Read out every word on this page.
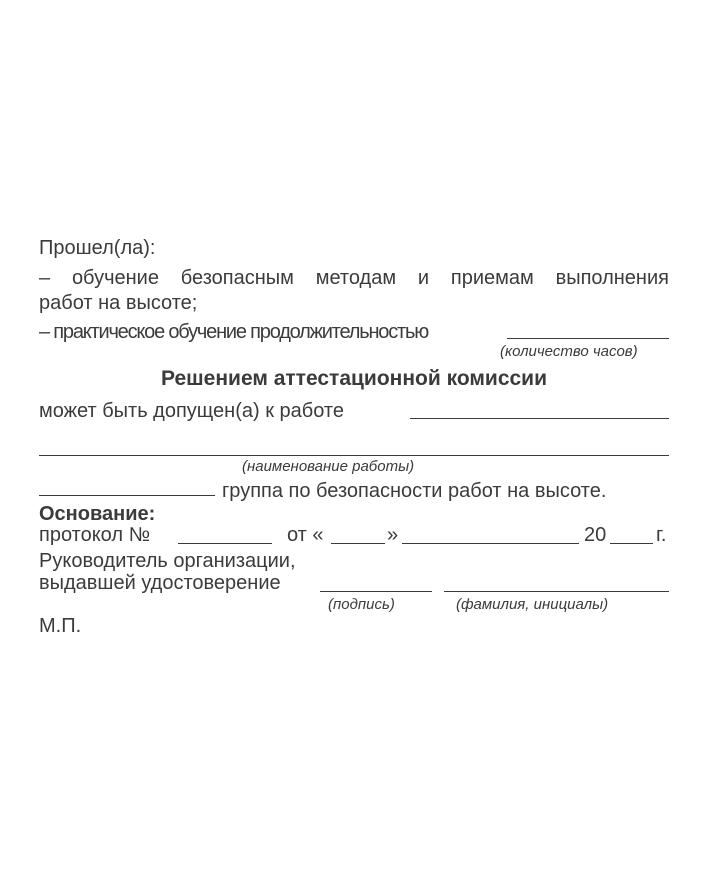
Прошел(ла):
– обучение безопасным методам и приемам выполнения
работ на высоте;
– практическое обучение продолжительностью
(количество часов)
Решением аттестационной комиссии
может быть допущен(а) к работе
(наименование работы)
группа по безопасности работ на высоте.
Основание:
протокол №	от «	»	20	г.
Руководитель организации,
выдавшей удостоверение
(подпись)	(фамилия, инициалы)
М.П.
